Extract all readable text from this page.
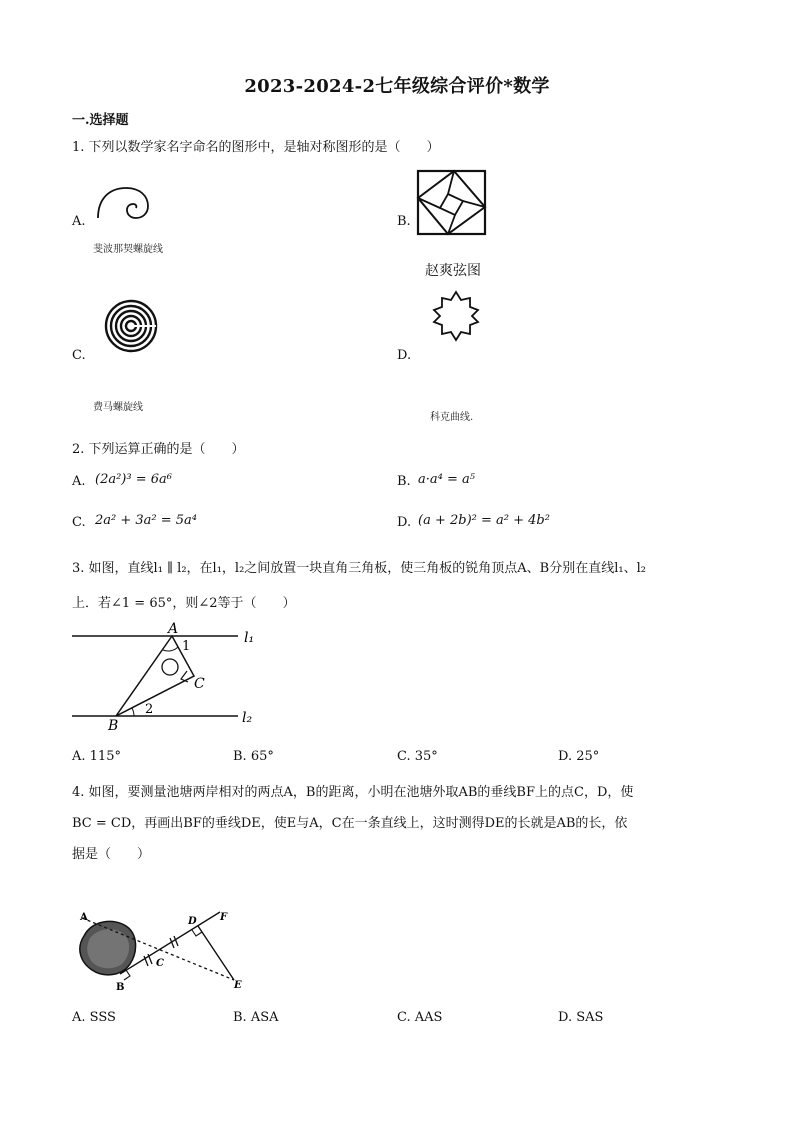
2023-2024-2七年级综合评价*数学
一.选择题
1. 下列以数学家名字命名的图形中，是轴对称图形的是（　　）
A.
斐波那契螺旋线
B.
赵爽弦图
C.
费马螺旋线
D.
科克曲线.
2. 下列运算正确的是（　　）
A. (2a²)³ = 6a⁶	B. a·a⁴ = a⁵
C. 2a² + 3a² = 5a⁴	D. (a + 2b)² = a² + 4b²
3. 如图，直线l₁ ∥ l₂，在l₁，l₂之间放置一块直角三角板，使三角板的锐角顶点A、B分别在直线l₁、l₂
上．若∠1 = 65°，则∠2等于（　　）
A
1
C
2
B
l₁
l₂
A. 115°	B. 65°	C. 35°	D. 25°
4. 如图，要测量池塘两岸相对的两点A，B的距离，小明在池塘外取AB的垂线BF上的点C，D，使
BC = CD，再画出BF的垂线DE，使E与A，C在一条直线上，这时测得DE的长就是AB的长，依
据是（　　）
A
B
C
D
E
F
A. SSS	B. ASA	C. AAS	D. SAS
